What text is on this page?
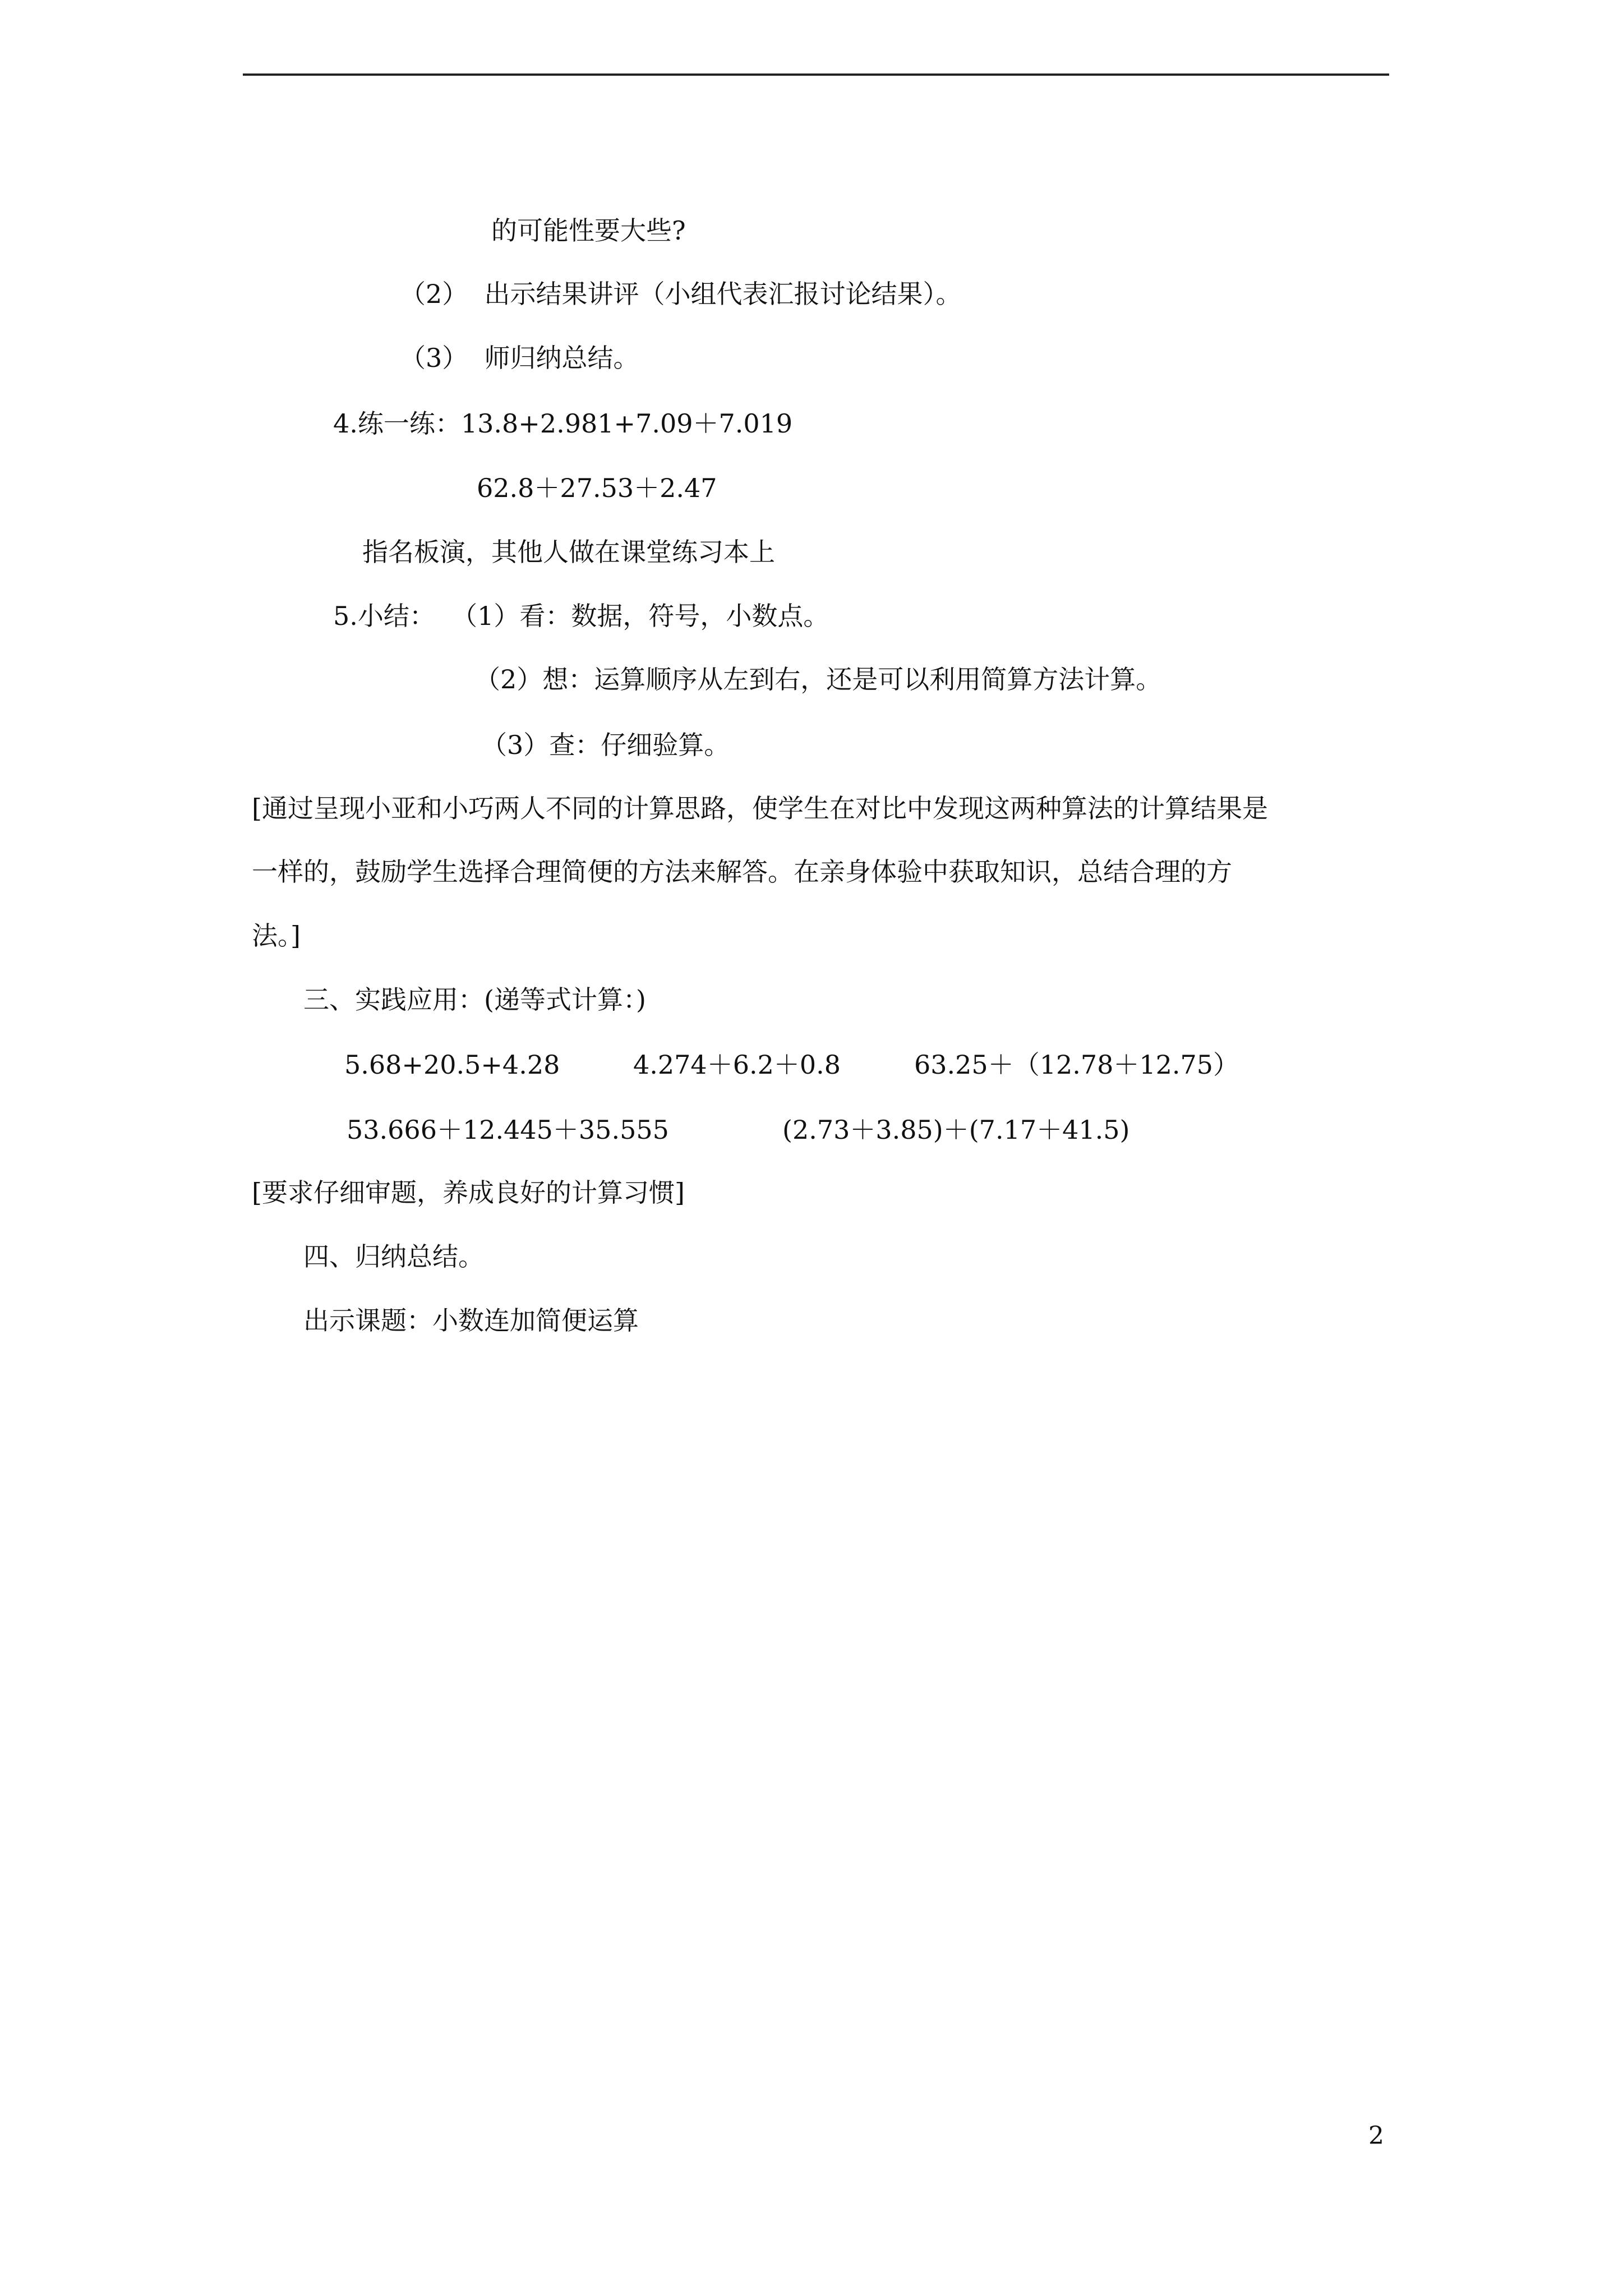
的可能性要大些?

（2）  出示结果讲评（小组代表汇报讨论结果）。

（3）  师归纳总结。

4.练一练：13.8+2.981+7.09＋7.019

62.8＋27.53＋2.47

指名板演，其他人做在课堂练习本上

5.小结：  （1）看：数据，符号，小数点。

（2）想：运算顺序从左到右，还是可以利用简算方法计算。

（3）查：仔细验算。

[通过呈现小亚和小巧两人不同的计算思路，使学生在对比中发现这两种算法的计算结果是

一样的，鼓励学生选择合理简便的方法来解答。在亲身体验中获取知识，总结合理的方

法。]

三、实践应用：(递等式计算：)

5.68+20.5+4.28	4.274＋6.2＋0.8	63.25＋（12.78＋12.75）

53.666＋12.445＋35.555	(2.73＋3.85)＋(7.17＋41.5)

[要求仔细审题，养成良好的计算习惯]

四、归纳总结。

出示课题：小数连加简便运算

2
